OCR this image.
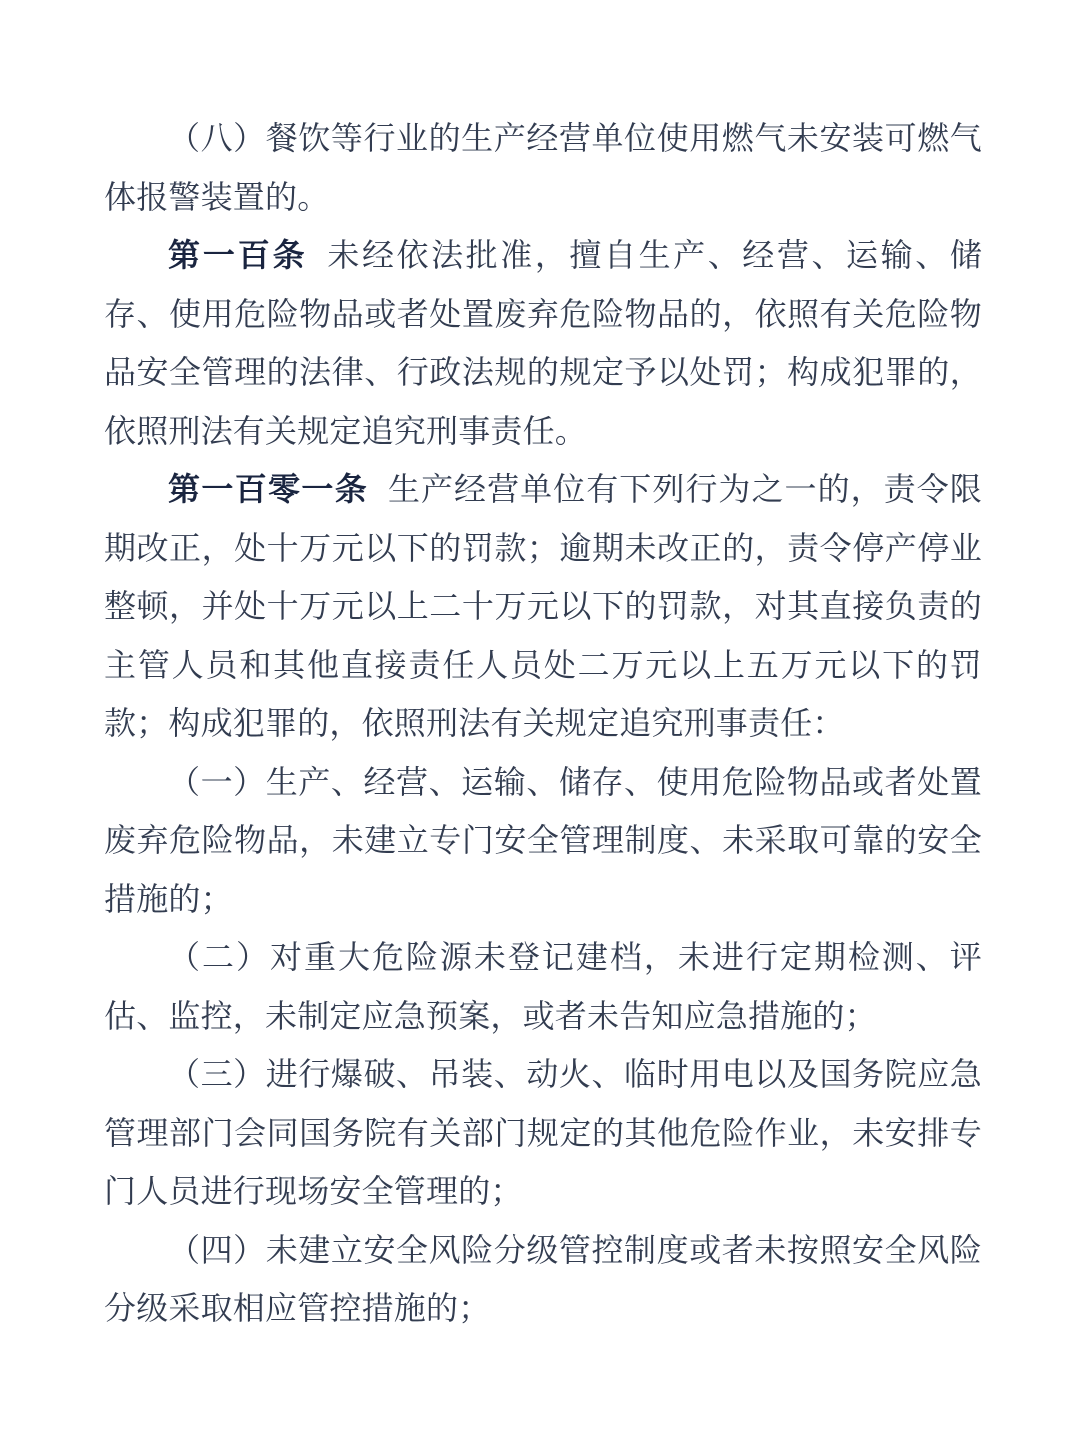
（八）餐饮等行业的生产经营单位使用燃气未安装可燃气体报警装置的。

第一百条 未经依法批准，擅自生产、经营、运输、储存、使用危险物品或者处置废弃危险物品的，依照有关危险物品安全管理的法律、行政法规的规定予以处罚；构成犯罪的，依照刑法有关规定追究刑事责任。

第一百零一条 生产经营单位有下列行为之一的，责令限期改正，处十万元以下的罚款；逾期未改正的，责令停产停业整顿，并处十万元以上二十万元以下的罚款，对其直接负责的主管人员和其他直接责任人员处二万元以上五万元以下的罚款；构成犯罪的，依照刑法有关规定追究刑事责任：

（一）生产、经营、运输、储存、使用危险物品或者处置废弃危险物品，未建立专门安全管理制度、未采取可靠的安全措施的；

（二）对重大危险源未登记建档，未进行定期检测、评估、监控，未制定应急预案，或者未告知应急措施的；

（三）进行爆破、吊装、动火、临时用电以及国务院应急管理部门会同国务院有关部门规定的其他危险作业，未安排专门人员进行现场安全管理的；

（四）未建立安全风险分级管控制度或者未按照安全风险分级采取相应管控措施的；
